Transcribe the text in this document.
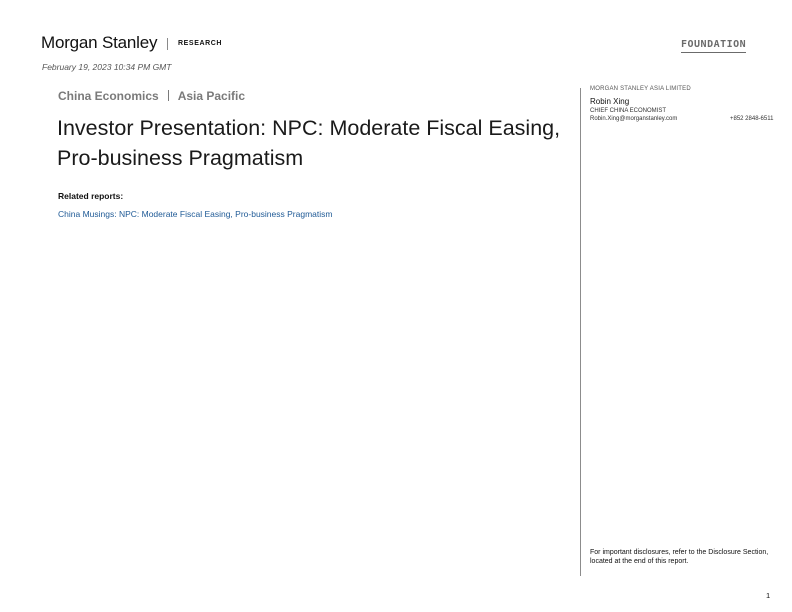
Morgan Stanley	RESEARCH	FOUNDATION
February 19, 2023 10:34 PM GMT
China Economics Asia Pacific
Investor Presentation: NPC: Moderate Fiscal Easing, Pro-business Pragmatism
Related reports:
China Musings: NPC: Moderate Fiscal Easing, Pro-business Pragmatism
MORGAN STANLEY ASIA LIMITED
Robin Xing
CHIEF CHINA ECONOMIST
Robin.Xing@morganstanley.com	+852 2848-6511
For important disclosures, refer to the Disclosure Section, located at the end of this report.
1
